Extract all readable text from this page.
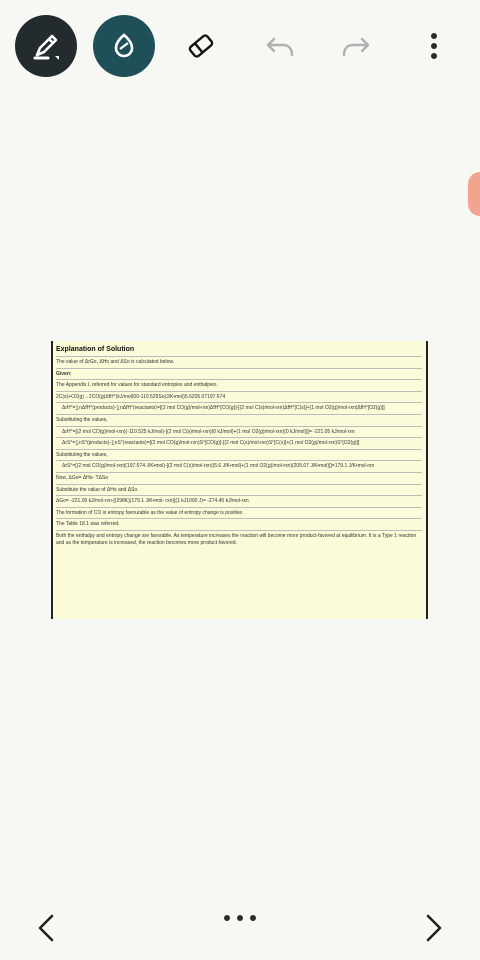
Explanation of Solution

The value of ΔrGo, ΔHo and ΔSo is calculated below.

Given:

The Appendix L referred for values for standard entropies and enthalpies.

2C(s)+O2(g)→2CO(g)ΔfH°(kJ/mol)00-110.525So(J/K•mol)5.6205.07197.674

ΔrH°=∑nΔfH°(products)-∑nΔfH°(reactants)=[(2 mol CO(g)/mol-rxn)ΔfH°[CO(g)]-[(2 mol C(s)/mol-rxn)ΔfH°[C(s)]+(1 mol O2(g)/mol-rxn)ΔfH°[O2(g)]]

Substituting the values,

ΔrH°=[(2 mol CO(g)/mol-rxn)(-110.525 kJ/mol)-[(2 mol C(s)/mol-rxn)(0 kJ/mol)+(1 mol O2(g)/mol-rxn)(0 kJ/mol)]]= -221.05 kJ/mol-rxn

ΔrS°=∑nS°(products)-∑nS°(reactants)=[(2 mol CO(g)/mol-rxn)S°[CO(g)]-[(2 mol C(s)/mol-rxn)S°[C(s)]+(1 mol O2(g)/mol-rxn)S°[O2(g)]]

Substituting the values,

ΔrS°=[(2 mol CO(g)/mol-rxn)(197.674 J/K•mol)-[(2 mol C(s)/mol-rxn)(5.6 J/K•mol)+(1 mol O2(g)/mol-rxn)(205.07 J/K•mol)]]=179.1 J/K•mol-rxn

Now, ΔGo= ΔHo- TΔSo

Substitute the value of ΔHo and ΔSo.

ΔGo= -221.05 kJ/mol-rxn-[(298K)(179.1 J/K•mol- rxn)](1 kJ1000 J)= -274.45 kJ/mol-rxn

The formation of CO is entropy favourable as the value of entropy change is positive.

The Table 18.1 was referred,

Both the enthalpy and entropy change are favorable. As temperature increases the reaction will become more product-favored at equilibrium. It is a Type 1 reaction and as the temperature is increased, the reaction becomes more product-favored.
